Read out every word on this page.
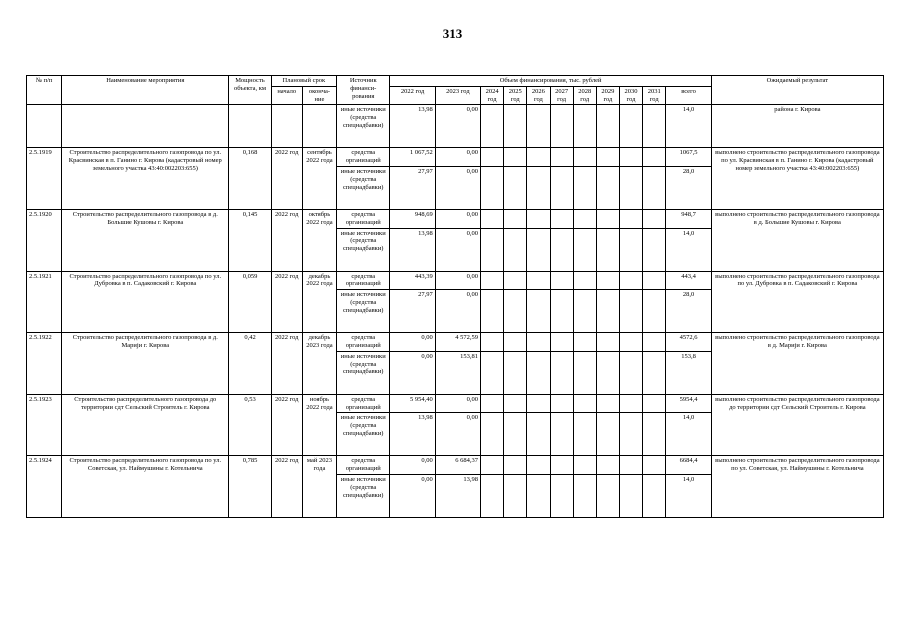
313
№ п/п	Наименование мероприятия	Мощность объекта, км	Плановый срок		Источник финанси-рования	Объем финансирования, тыс. рублей											Ожидаемый результат
			начало	оконча-ние		2022 год	2023 год	2024 год	2025 год	2026 год	2027 год	2028 год	2029 год	2030 год	2031 год	всего	
					иные источники (средства спецнадбавки)	13,98	0,00									14,0	района г. Кирова
2.5.1919	Строительство распределительного газопровода по ул. Красвинская в п. Ганино г. Кирова (кадастровый номер земельного участка 43:40:002203:655)	0,168	2022 год	сентябрь 2022 года	средства организаций	1 067,52	0,00									1067,5	выполнено строительство распределительного газопровода по ул. Красвинская в п. Ганино г. Кирова (кадастровый номер земельного участка 43:40:002203:655)
					иные источники (средства спецнадбавки)	27,97	0,00									28,0	
2.5.1920	Строительство распределительного газопровода в д. Большие Кушовы г. Кирова	0,145	2022 год	октябрь 2022 года	средства организаций	948,69	0,00									948,7	выполнено строительство распределительного газопровода в д. Большие Кушовы г. Кирова
					иные источники (средства спецнадбавки)	13,98	0,00									14,0	
2.5.1921	Строительство распределительного газопровода по ул. Дубровка в п. Садаковский г. Кирова	0,059	2022 год	декабрь 2022 года	средства организаций	443,39	0,00									443,4	выполнено строительство распределительного газопровода по ул. Дубровка в п. Садаковский г. Кирова
					иные источники (средства спецнадбавки)	27,97	0,00									28,0	
2.5.1922	Строительство распределительного газопровода в д. Марији г. Кирова	0,42	2022 год	декабрь 2023 года	средства организаций	0,00	4 572,59									4572,6	выполнено строительство распределительного газопровода в д. Марији г. Кирова
					иные источники (средства спецнадбавки)	0,00	153,81									153,8	
2.5.1923	Строительство распределительного газопровода до территории сдт Сельский Строитель г. Кирова	0,53	2022 год	ноябрь 2022 года	средства организаций	5 954,40	0,00									5954,4	выполнено строительство распределительного газопровода до территории сдт Сельский Строитель г. Кирова
					иные источники (средства спецнадбавки)	13,98	0,00									14,0	
2.5.1924	Строительство распределительного газопровода по ул. Советская, ул. Наймушины г. Котельнича	0,785	2022 год	май 2023 года	средства организаций	0,00	6 684,37									6684,4	выполнено строительство распределительного газопровода по ул. Советская, ул. Наймушины г. Котельнича
					иные источники (средства спецнадбавки)	0,00	13,98									14,0	
